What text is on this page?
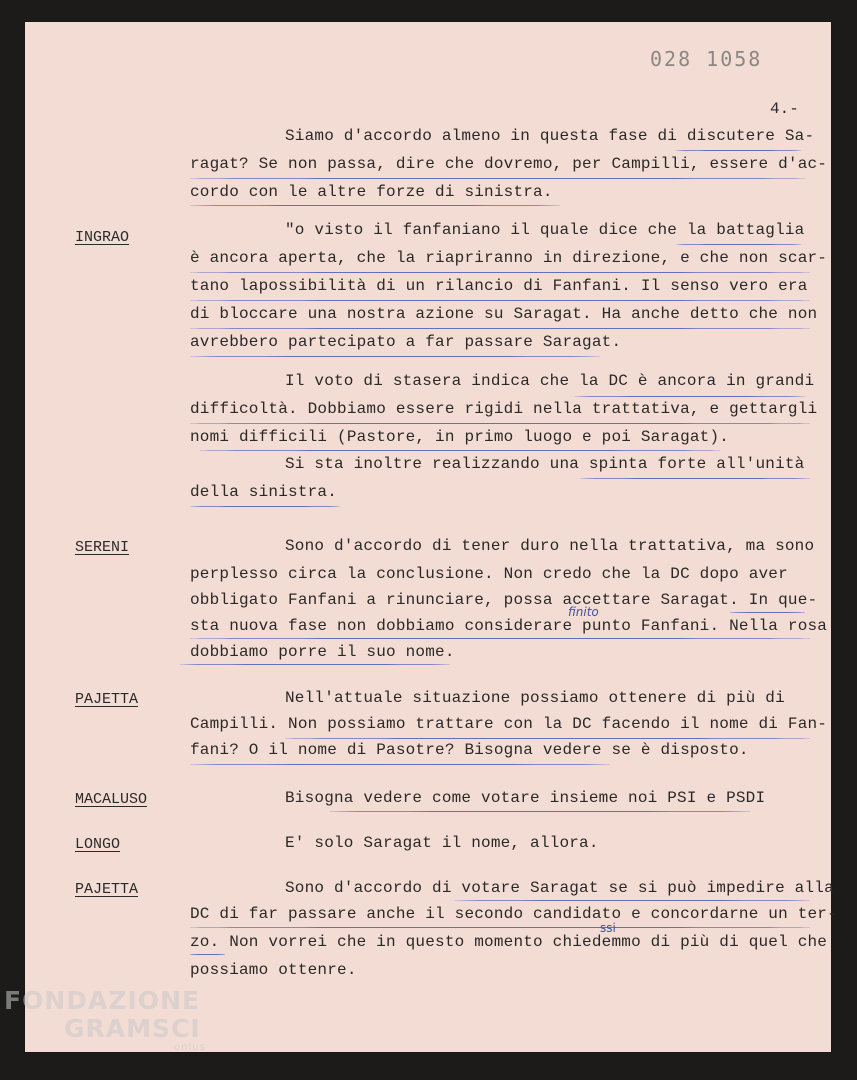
028 1058
4.-
Siamo d'accordo almeno in questa fase di discutere Sa-
ragat? Se non passa, dire che dovremo, per Campilli, essere d'ac-
cordo con le altre forze di sinistra.
INGRAO	"o visto il fanfaniano il quale dice che la battaglia
è ancora aperta, che la riapriranno in direzione, e che non scar-
tano lapossibilità di un rilancio di Fanfani. Il senso vero era
di bloccare una nostra azione su Saragat. Ha anche detto che non
avrebbero partecipato a far passare Saragat.
Il voto di stasera indica che la DC è ancora in grandi
difficoltà. Dobbiamo essere rigidi nella trattativa, e gettargli
nomi difficili (Pastore, in primo luogo e poi Saragat).
Si sta inoltre realizzando una spinta forte all'unità
della sinistra.
SERENI	Sono d'accordo di tener duro nella trattativa, ma sono
perplesso circa la conclusione. Non credo che la DC dopo aver
obbligato Fanfani a rinunciare, possa accettare Saragat. In que-
sta nuova fase non dobbiamo considerare punto Fanfani. Nella rosa
dobbiamo porre il suo nome.
finito
PAJETTA	Nell'attuale situazione possiamo ottenere di più di
Campilli. Non possiamo trattare con la DC facendo il nome di Fan-
fani? O il nome di Pasotre? Bisogna vedere se è disposto.
MACALUSO	Bisogna vedere come votare insieme noi PSI e PSDI
LONGO	E' solo Saragat il nome, allora.
PAJETTA	Sono d'accordo di votare Saragat se si può impedire alla
DC di far passare anche il secondo candidato e concordarne un ter-
zo. Non vorrei che in questo momento chiedemmo di più di quel che
possiamo ottenre.
ssi
FONDAZIONE
GRAMSCI
onlus
